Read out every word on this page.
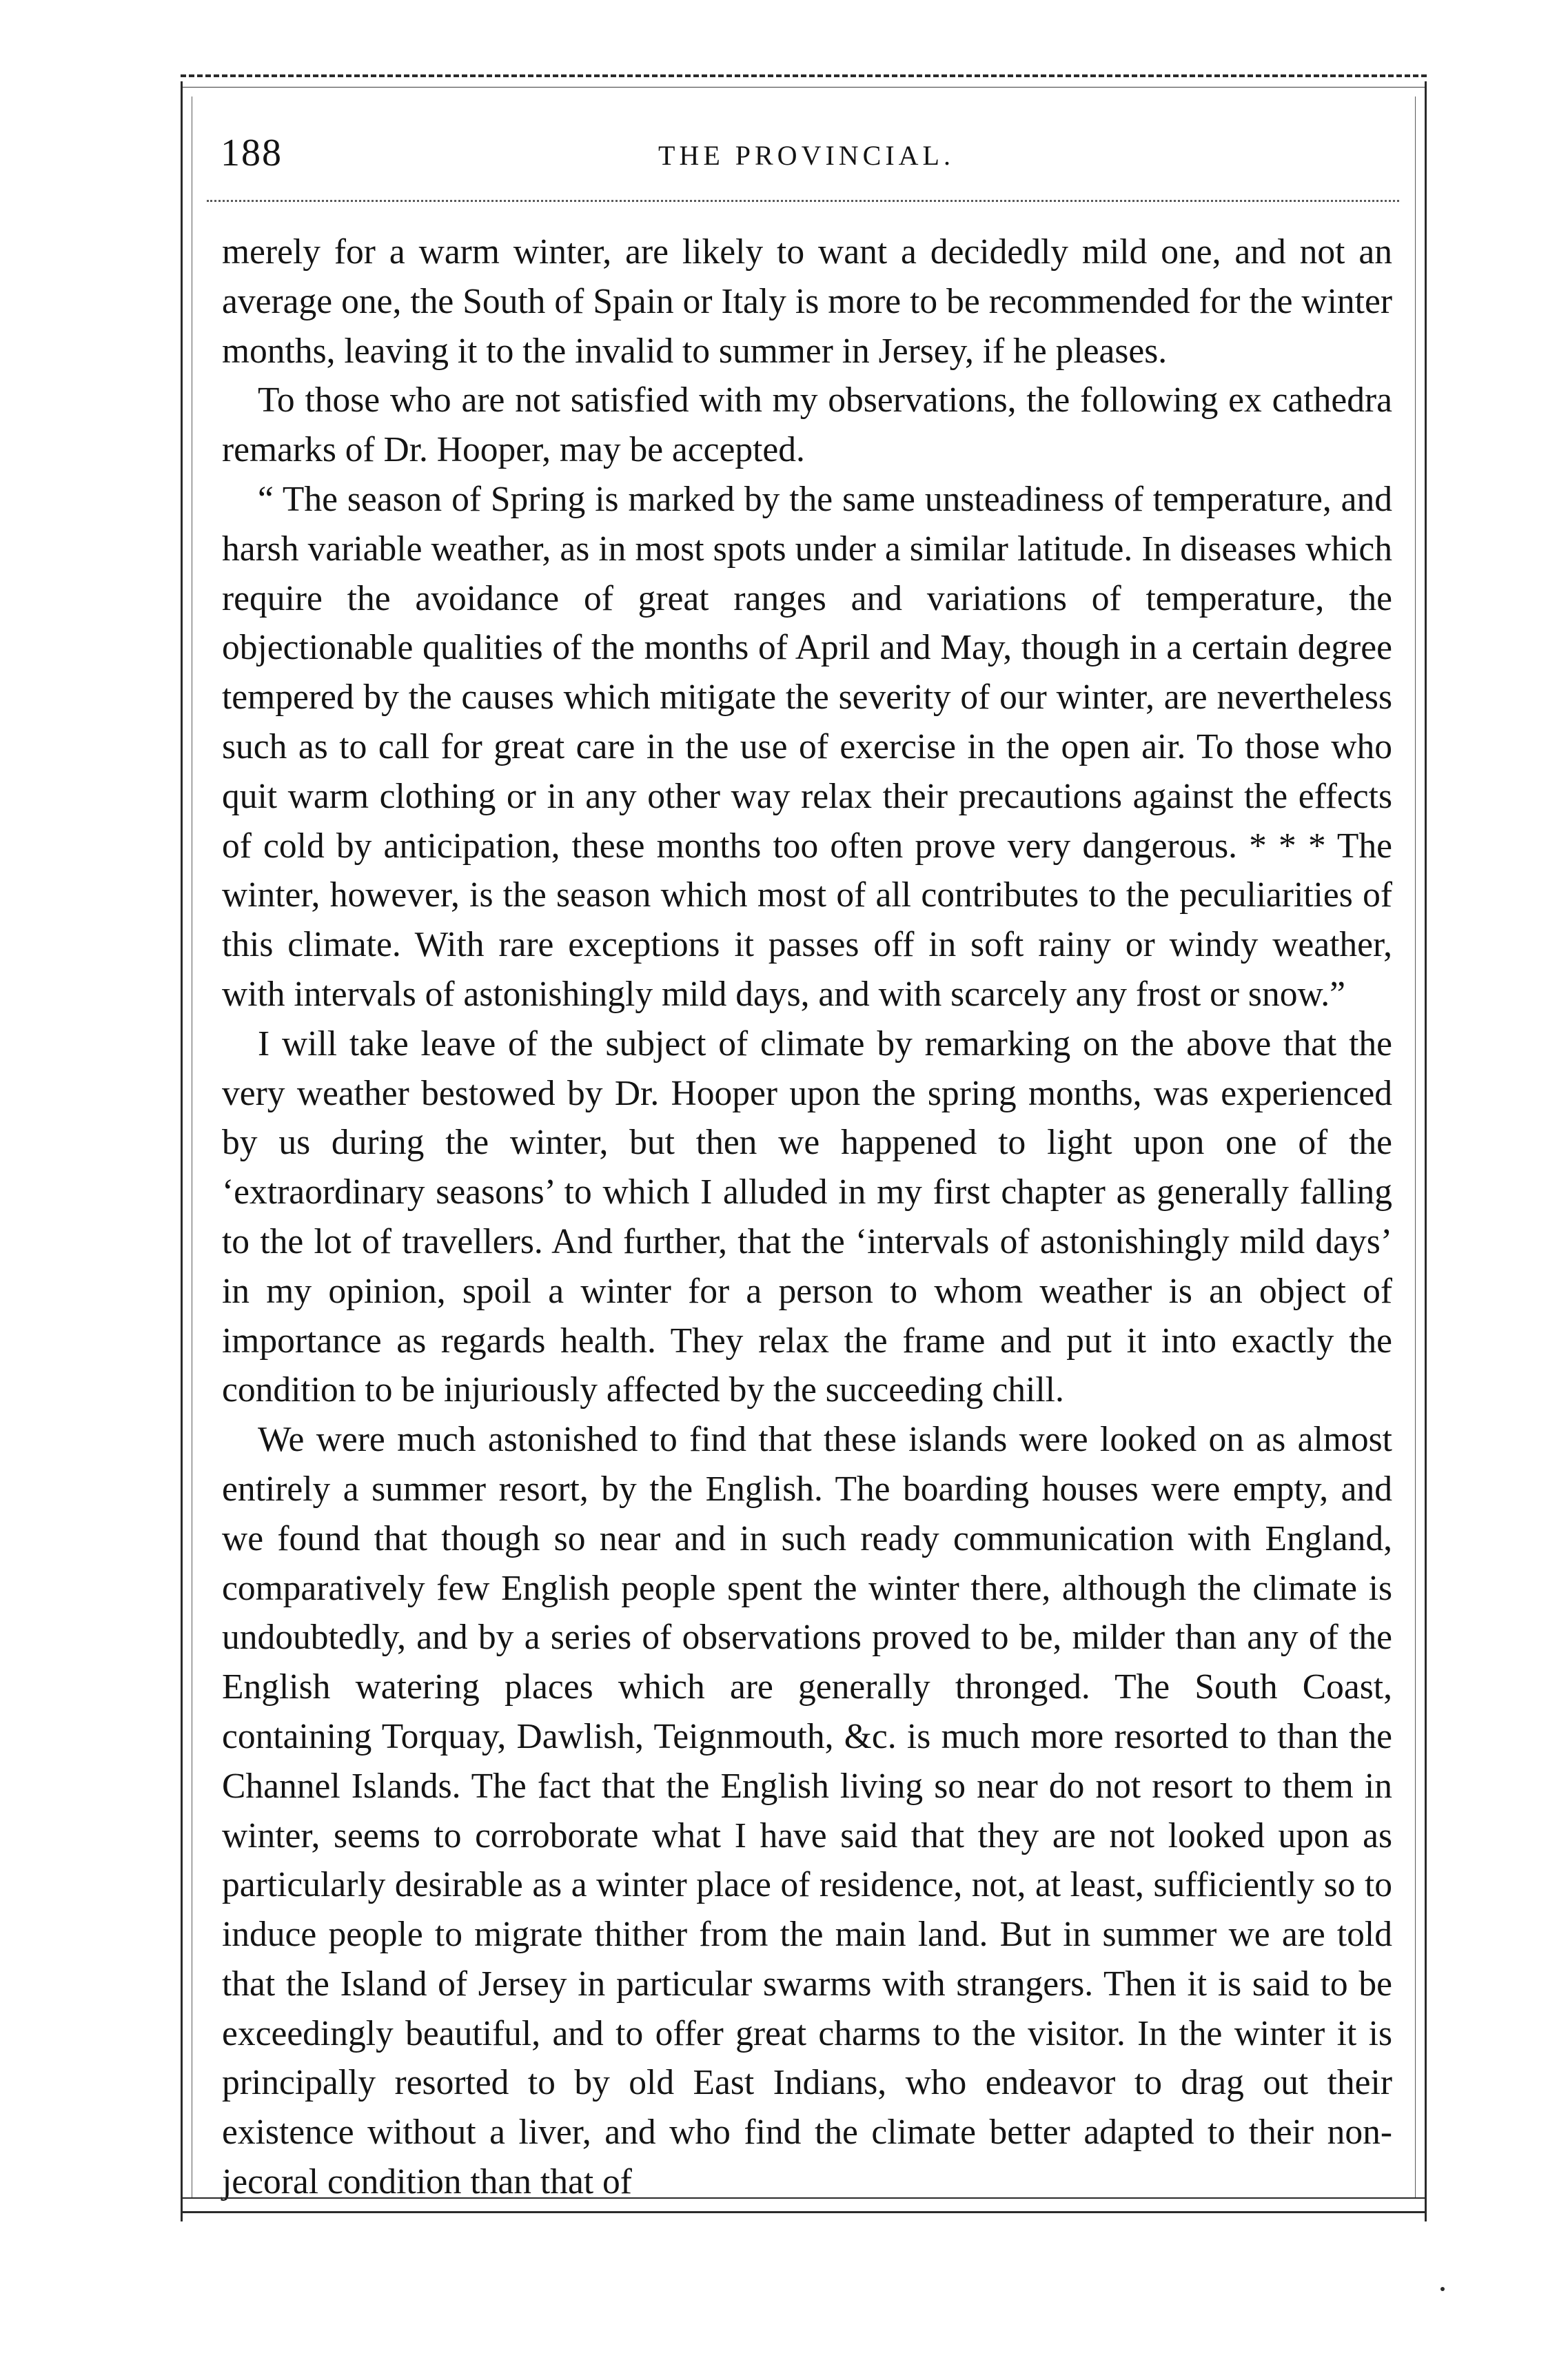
188	THE PROVINCIAL.

merely for a warm winter, are likely to want a decidedly mild one, and not an average one, the South of Spain or Italy is more to be recommended for the winter months, leaving it to the invalid to summer in Jersey, if he pleases.

To those who are not satisfied with my observations, the following ex cathedra remarks of Dr. Hooper, may be accepted.

“ The season of Spring is marked by the same unsteadiness of temperature, and harsh variable weather, as in most spots under a similar latitude. In diseases which require the avoidance of great ranges and variations of temperature, the objectionable qualities of the months of April and May, though in a certain degree tempered by the causes which mitigate the severity of our winter, are nevertheless such as to call for great care in the use of exercise in the open air. To those who quit warm clothing or in any other way relax their precautions against the effects of cold by anticipation, these months too often prove very dangerous. * * * The winter, however, is the season which most of all contributes to the peculiarities of this climate. With rare exceptions it passes off in soft rainy or windy weather, with intervals of astonishingly mild days, and with scarcely any frost or snow.”

I will take leave of the subject of climate by remarking on the above that the very weather bestowed by Dr. Hooper upon the spring months, was experienced by us during the winter, but then we happened to light upon one of the ‘extraordinary seasons’ to which I alluded in my first chapter as generally falling to the lot of travellers. And further, that the ‘intervals of astonishingly mild days’ in my opinion, spoil a winter for a person to whom weather is an object of importance as regards health. They relax the frame and put it into exactly the condition to be injuriously affected by the succeeding chill.

We were much astonished to find that these islands were looked on as almost entirely a summer resort, by the English. The boarding houses were empty, and we found that though so near and in such ready communication with England, comparatively few English people spent the winter there, although the climate is undoubtedly, and by a series of observations proved to be, milder than any of the English watering places which are generally thronged. The South Coast, containing Torquay, Dawlish, Teignmouth, &c. is much more resorted to than the Channel Islands. The fact that the English living so near do not resort to them in winter, seems to corroborate what I have said that they are not looked upon as particularly desirable as a winter place of residence, not, at least, sufficiently so to induce people to migrate thither from the main land. But in summer we are told that the Island of Jersey in particular swarms with strangers. Then it is said to be exceedingly beautiful, and to offer great charms to the visitor. In the winter it is principally resorted to by old East Indians, who endeavor to drag out their existence without a liver, and who find the climate better adapted to their non-jecoral condition than that of
